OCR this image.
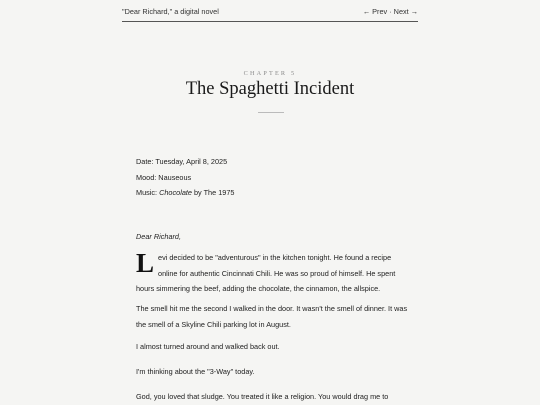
"Dear Richard," a digital novel	← Prev · Next →
CHAPTER 5
The Spaghetti Incident
Date: Tuesday, April 8, 2025
Mood: Nauseous
Music: Chocolate by The 1975
Dear Richard,
Levi decided to be "adventurous" in the kitchen tonight. He found a recipe online for authentic Cincinnati Chili. He was so proud of himself. He spent hours simmering the beef, adding the chocolate, the cinnamon, the allspice.
The smell hit me the second I walked in the door. It wasn't the smell of dinner. It was the smell of a Skyline Chili parking lot in August.
I almost turned around and walked back out.
I'm thinking about the "3-Way" today.
God, you loved that sludge. You treated it like a religion. You would drag me to
